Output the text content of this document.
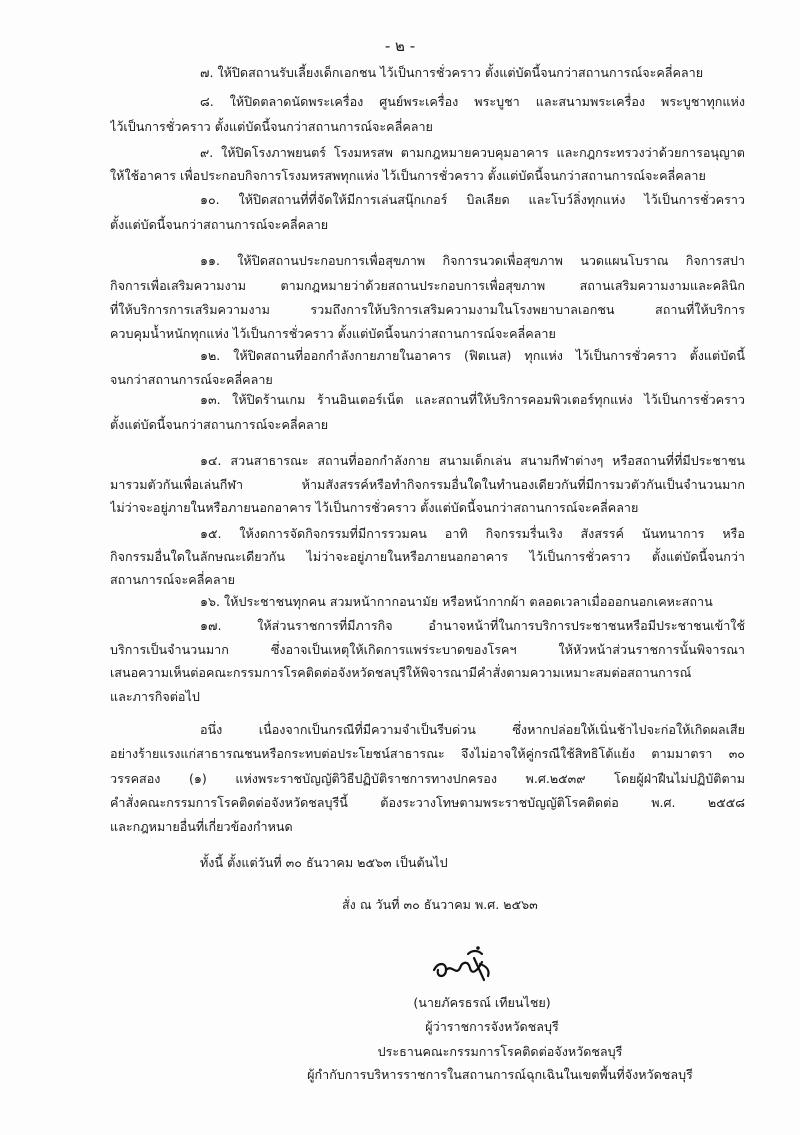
- ๒ -
๗. ให้ปิดสถานรับเลี้ยงเด็กเอกชน ไว้เป็นการชั่วคราว ตั้งแต่บัดนี้จนกว่าสถานการณ์จะคลี่คลาย
๘. ให้ปิดตลาดนัดพระเครื่อง ศูนย์พระเครื่อง พระบูชา และสนามพระเครื่อง พระบูชาทุกแห่ง
ไว้เป็นการชั่วคราว ตั้งแต่บัดนี้จนกว่าสถานการณ์จะคลี่คลาย
๙. ให้ปิดโรงภาพยนตร์ โรงมหรสพ ตามกฎหมายควบคุมอาคาร และกฎกระทรวงว่าด้วยการอนุญาต
ให้ใช้อาคาร เพื่อประกอบกิจการโรงมหรสพทุกแห่ง ไว้เป็นการชั่วคราว ตั้งแต่บัดนี้จนกว่าสถานการณ์จะคลี่คลาย
๑๐. ให้ปิดสถานที่ที่จัดให้มีการเล่นสนุ๊กเกอร์ บิลเลียด และโบว์ลิ่งทุกแห่ง ไว้เป็นการชั่วคราว
ตั้งแต่บัดนี้จนกว่าสถานการณ์จะคลี่คลาย
๑๑. ให้ปิดสถานประกอบการเพื่อสุขภาพ กิจการนวดเพื่อสุขภาพ นวดแผนโบราณ กิจการสปา
กิจการเพื่อเสริมความงาม ตามกฎหมายว่าด้วยสถานประกอบการเพื่อสุขภาพ สถานเสริมความงามและคลินิก
ที่ให้บริการการเสริมความงาม รวมถึงการให้บริการเสริมความงามในโรงพยาบาลเอกชน สถานที่ให้บริการ
ควบคุมน้ำหนักทุกแห่ง ไว้เป็นการชั่วคราว ตั้งแต่บัดนี้จนกว่าสถานการณ์จะคลี่คลาย
๑๒. ให้ปิดสถานที่ออกกำลังกายภายในอาคาร (ฟิตเนส) ทุกแห่ง ไว้เป็นการชั่วคราว ตั้งแต่บัดนี้
จนกว่าสถานการณ์จะคลี่คลาย
๑๓. ให้ปิดร้านเกม ร้านอินเตอร์เน็ต และสถานที่ให้บริการคอมพิวเตอร์ทุกแห่ง ไว้เป็นการชั่วคราว
ตั้งแต่บัดนี้จนกว่าสถานการณ์จะคลี่คลาย
๑๔. สวนสาธารณะ สถานที่ออกกำลังกาย สนามเด็กเล่น สนามกีฬาต่างๆ หรือสถานที่ที่มีประชาชน
มารวมตัวกันเพื่อเล่นกีฬา ห้ามสังสรรค์หรือทำกิจกรรมอื่นใดในทำนองเดียวกันที่มีการมวตัวกันเป็นจำนวนมาก
ไม่ว่าจะอยู่ภายในหรือภายนอกอาคาร ไว้เป็นการชั่วคราว ตั้งแต่บัดนี้จนกว่าสถานการณ์จะคลี่คลาย
๑๕. ให้งดการจัดกิจกรรมที่มีการรวมคน อาทิ กิจกรรมรื่นเริง สังสรรค์ นันทนาการ หรือ
กิจกรรมอื่นใดในลักษณะเดียวกัน ไม่ว่าจะอยู่ภายในหรือภายนอกอาคาร ไว้เป็นการชั่วคราว ตั้งแต่บัดนี้จนกว่า
สถานการณ์จะคลี่คลาย
๑๖. ให้ประชาชนทุกคน สวมหน้ากากอนามัย หรือหน้ากากผ้า ตลอดเวลาเมื่อออกนอกเคหะสถาน
๑๗. ให้ส่วนราชการที่มีภารกิจ อำนาจหน้าที่ในการบริการประชาชนหรือมีประชาชนเข้าใช้
บริการเป็นจำนวนมาก ซึ่งอาจเป็นเหตุให้เกิดการแพร่ระบาดของโรคฯ ให้หัวหน้าส่วนราชการนั้นพิจารณา
เสนอความเห็นต่อคณะกรรมการโรคติดต่อจังหวัดชลบุรีให้พิจารณามีคำสั่งตามความเหมาะสมต่อสถานการณ์
และภารกิจต่อไป
อนึ่ง เนื่องจากเป็นกรณีที่มีความจำเป็นรีบด่วน ซึ่งหากปล่อยให้เนิ่นช้าไปจะก่อให้เกิดผลเสีย
อย่างร้ายแรงแก่สาธารณชนหรือกระทบต่อประโยชน์สาธารณะ จึงไม่อาจให้คู่กรณีใช้สิทธิโต้แย้ง ตามมาตรา ๓๐
วรรคสอง (๑) แห่งพระราชบัญญัติวิธีปฏิบัติราชการทางปกครอง พ.ศ.๒๕๓๙ โดยผู้ฝ่าฝืนไม่ปฏิบัติตาม
คำสั่งคณะกรรมการโรคติดต่อจังหวัดชลบุรีนี้ ต้องระวางโทษตามพระราชบัญญัติโรคติดต่อ พ.ศ. ๒๕๕๘
และกฎหมายอื่นที่เกี่ยวข้องกำหนด
ทั้งนี้ ตั้งแต่วันที่ ๓๐ ธันวาคม ๒๕๖๓ เป็นต้นไป
สั่ง ณ วันที่ ๓๐ ธันวาคม พ.ศ. ๒๕๖๓
(นายภัครธรณ์ เทียนไชย)
ผู้ว่าราชการจังหวัดชลบุรี
ประธานคณะกรรมการโรคติดต่อจังหวัดชลบุรี
ผู้กำกับการบริหารราชการในสถานการณ์ฉุกเฉินในเขตพื้นที่จังหวัดชลบุรี
